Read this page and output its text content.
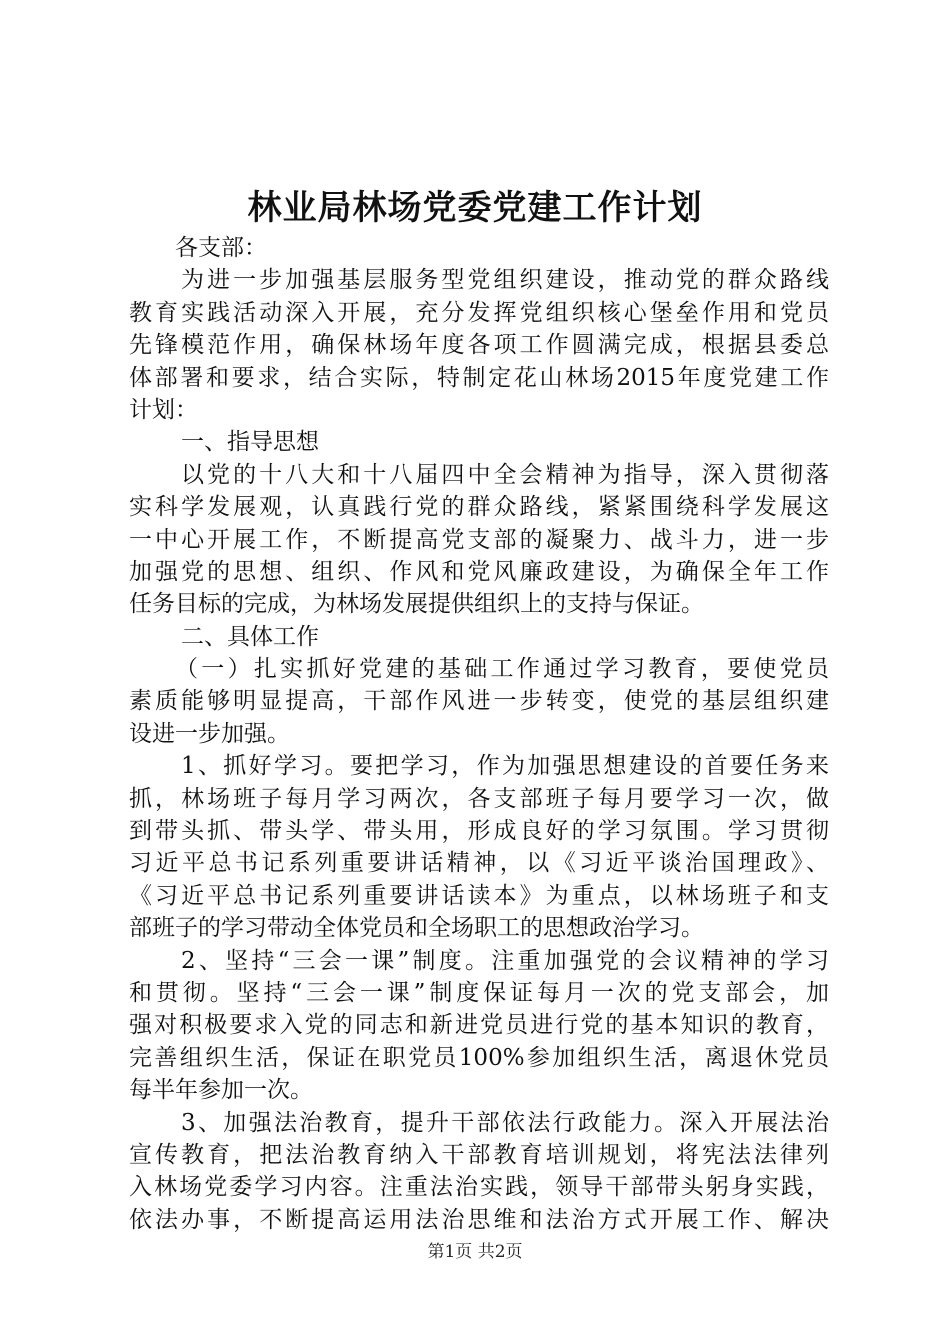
林业局林场党委党建工作计划
各支部：
为进一步加强基层服务型党组织建设，推动党的群众路线
教育实践活动深入开展，充分发挥党组织核心堡垒作用和党员
先锋模范作用，确保林场年度各项工作圆满完成，根据县委总
体部署和要求，结合实际，特制定花山林场2015年度党建工作
计划：
一、指导思想
以党的十八大和十八届四中全会精神为指导，深入贯彻落
实科学发展观，认真践行党的群众路线，紧紧围绕科学发展这
一中心开展工作，不断提高党支部的凝聚力、战斗力，进一步
加强党的思想、组织、作风和党风廉政建设，为确保全年工作
任务目标的完成，为林场发展提供组织上的支持与保证。
二、具体工作
（一）扎实抓好党建的基础工作通过学习教育，要使党员
素质能够明显提高，干部作风进一步转变，使党的基层组织建
设进一步加强。
1、抓好学习。要把学习，作为加强思想建设的首要任务来
抓，林场班子每月学习两次，各支部班子每月要学习一次，做
到带头抓、带头学、带头用，形成良好的学习氛围。学习贯彻
习近平总书记系列重要讲话精神，以《习近平谈治国理政》、
《习近平总书记系列重要讲话读本》为重点，以林场班子和支
部班子的学习带动全体党员和全场职工的思想政治学习。
2、坚持“三会一课”制度。注重加强党的会议精神的学习
和贯彻。坚持“三会一课”制度保证每月一次的党支部会，加
强对积极要求入党的同志和新进党员进行党的基本知识的教育，
完善组织生活，保证在职党员100%参加组织生活，离退休党员
每半年参加一次。
3、加强法治教育，提升干部依法行政能力。深入开展法治
宣传教育，把法治教育纳入干部教育培训规划，将宪法法律列
入林场党委学习内容。注重法治实践，领导干部带头躬身实践，
依法办事，不断提高运用法治思维和法治方式开展工作、解决
第1页 共2页
